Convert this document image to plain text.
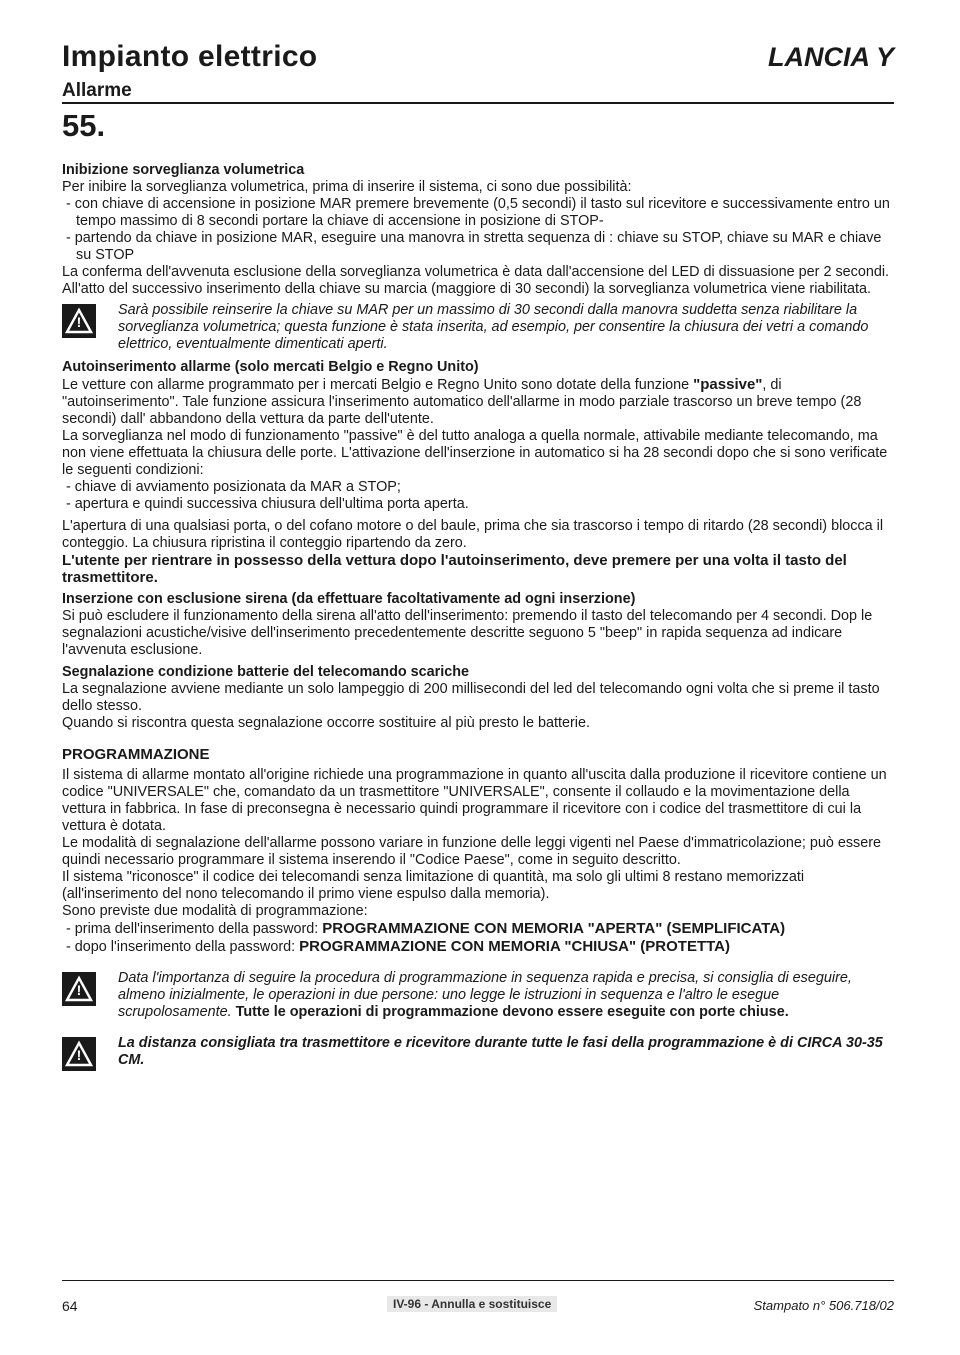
Impianto elettrico
Allarme
LANCIA Y
55.

Inibizione sorveglianza volumetrica

Per inibire la sorveglianza volumetrica, prima di inserire il sistema, ci sono due possibilità:

- con chiave di accensione in posizione MAR premere brevemente (0,5 secondi) il tasto sul ricevitore e successivamente entro un tempo massimo di 8 secondi portare la chiave di accensione in posizione di STOP-

- partendo da chiave in posizione MAR, eseguire una manovra in stretta sequenza di : chiave su STOP, chiave su MAR e chiave su STOP

La conferma dell'avvenuta esclusione della sorveglianza volumetrica è data dall'accensione del LED di dissuasione per 2 secondi.

All'atto del successivo inserimento della chiave su marcia (maggiore di 30 secondi) la sorveglianza volumetrica viene riabilitata.

!

Sarà possibile reinserire la chiave su MAR per un massimo di 30 secondi dalla manovra suddetta senza riabilitare la sorveglianza volumetrica; questa funzione è stata inserita, ad esempio, per consentire la chiusura dei vetri a comando elettrico, eventualmente dimenticati aperti.

Autoinserimento allarme (solo mercati Belgio e Regno Unito)

Le vetture con allarme programmato per i mercati Belgio e Regno Unito sono dotate della funzione "passive", di "autoinserimento". Tale funzione assicura l'inserimento automatico dell'allarme in modo parziale trascorso un breve tempo (28 secondi) dall' abbandono della vettura da parte dell'utente.

La sorveglianza nel modo di funzionamento "passive" è del tutto analoga a quella normale, attivabile mediante telecomando, ma non viene effettuata la chiusura delle porte. L'attivazione dell'inserzione in automatico si ha 28 secondi dopo che si sono verificate le seguenti condizioni:

- chiave di avviamento posizionata da MAR a STOP;

- apertura e quindi successiva chiusura dell'ultima porta aperta.

L'apertura di una qualsiasi porta, o del cofano motore o del baule, prima che sia trascorso i tempo di ritardo (28 secondi) blocca il conteggio. La chiusura ripristina il conteggio ripartendo da zero.

L'utente per rientrare in possesso della vettura dopo l'autoinserimento, deve premere per una volta il tasto del trasmettitore.

Inserzione con esclusione sirena (da effettuare facoltativamente ad ogni inserzione)

Si può escludere il funzionamento della sirena all'atto dell'inserimento: premendo il tasto del telecomando per 4 secondi. Dop le segnalazioni acustiche/visive dell'inserimento precedentemente descritte seguono 5 "beep" in rapida sequenza ad indicare l'avvenuta esclusione.

Segnalazione condizione batterie del telecomando scariche

La segnalazione avviene mediante un solo lampeggio di 200 millisecondi del led del telecomando ogni volta che si preme il tasto dello stesso.

Quando si riscontra questa segnalazione occorre sostituire al più presto le batterie.

PROGRAMMAZIONE

Il sistema di allarme montato all'origine richiede una programmazione in quanto all'uscita dalla produzione il ricevitore contiene un codice "UNIVERSALE" che, comandato da un trasmettitore "UNIVERSALE", consente il collaudo e la movimentazione della vettura in fabbrica. In fase di preconsegna è necessario quindi programmare il ricevitore con i codice del trasmettitore di cui la vettura è dotata.

Le modalità di segnalazione dell'allarme possono variare in funzione delle leggi vigenti nel Paese d'immatricolazione; può essere quindi necessario programmare il sistema inserendo il "Codice Paese", come in seguito descritto.

Il sistema "riconosce" il codice dei telecomandi senza limitazione di quantità, ma solo gli ultimi 8 restano memorizzati (all'inserimento del nono telecomando il primo viene espulso dalla memoria).

Sono previste due modalità di programmazione:

- prima dell'inserimento della password: PROGRAMMAZIONE CON MEMORIA "APERTA" (SEMPLIFICATA)

- dopo l'inserimento della password: PROGRAMMAZIONE CON MEMORIA "CHIUSA" (PROTETTA)

!

Data l'importanza di seguire la procedura di programmazione in sequenza rapida e precisa, si consiglia di eseguire, almeno inizialmente, le operazioni in due persone: uno legge le istruzioni in sequenza e l'altro le esegue scrupolosamente. Tutte le operazioni di programmazione devono essere eseguite con porte chiuse.

!

La distanza consigliata tra trasmettitore e ricevitore durante tutte le fasi della programmazione è di CIRCA 30-35 CM.

64	IV-96 - Annulla e sostituisce	Stampato n° 506.718/02
